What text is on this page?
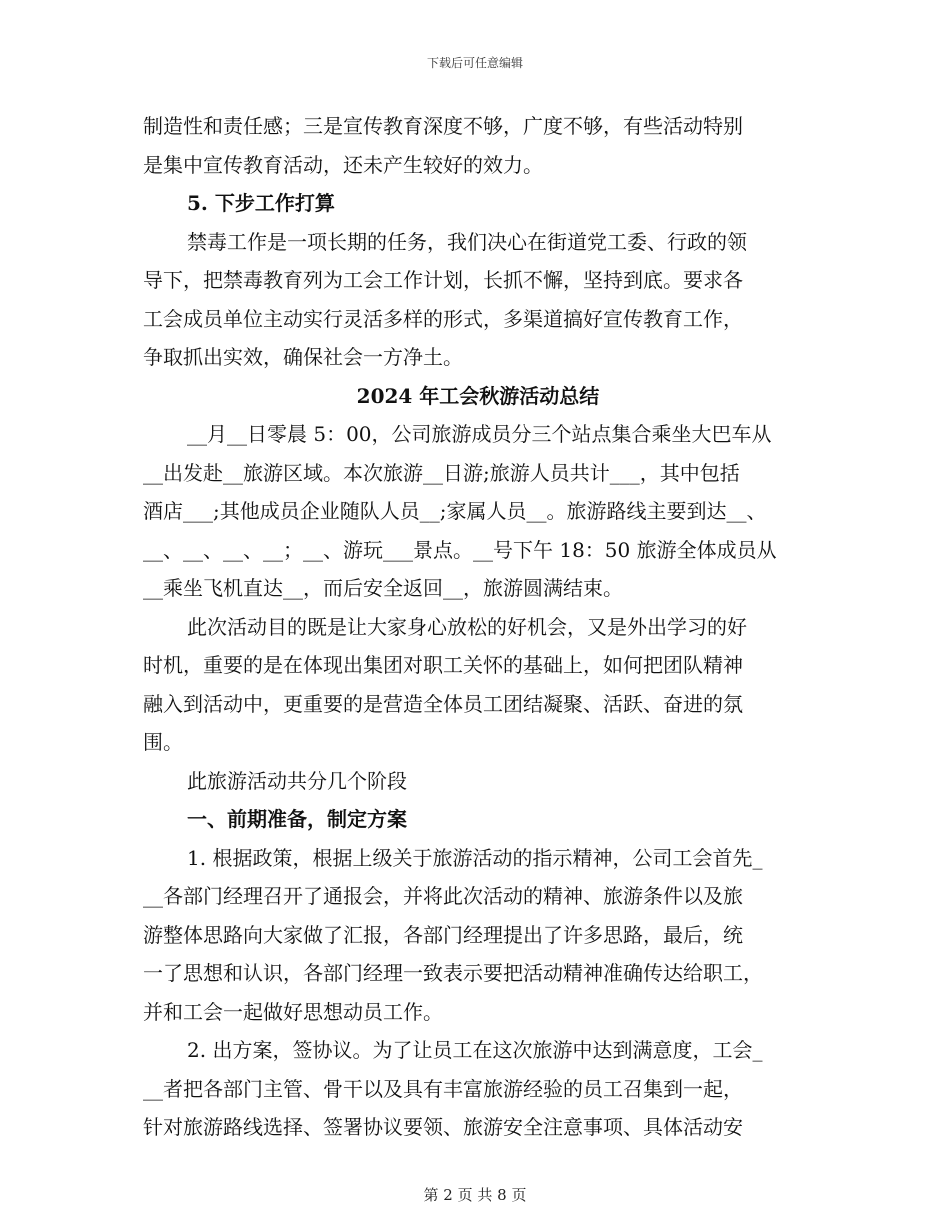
下载后可任意编辑
制造性和责任感；三是宣传教育深度不够，广度不够，有些活动特别
是集中宣传教育活动，还未产生较好的效力。
5. 下步工作打算
禁毒工作是一项长期的任务，我们决心在街道党工委、行政的领
导下，把禁毒教育列为工会工作计划，长抓不懈，坚持到底。要求各
工会成员单位主动实行灵活多样的形式，多渠道搞好宣传教育工作，
争取抓出实效，确保社会一方净土。
2024 年工会秋游活动总结
__月__日零晨 5：00，公司旅游成员分三个站点集合乘坐大巴车从
__出发赴__旅游区域。本次旅游__日游;旅游人员共计___，其中包括
酒店___;其他成员企业随队人员__;家属人员__。旅游路线主要到达__、
__、__、__、__；__、游玩___景点。__号下午 18：50 旅游全体成员从
__乘坐飞机直达__，而后安全返回__，旅游圆满结束。
此次活动目的既是让大家身心放松的好机会，又是外出学习的好
时机，重要的是在体现出集团对职工关怀的基础上，如何把团队精神
融入到活动中，更重要的是营造全体员工团结凝聚、活跃、奋进的氛
围。
此旅游活动共分几个阶段
一、前期准备，制定方案
1. 根据政策，根据上级关于旅游活动的指示精神，公司工会首先_
__各部门经理召开了通报会，并将此次活动的精神、旅游条件以及旅
游整体思路向大家做了汇报，各部门经理提出了许多思路，最后，统
一了思想和认识，各部门经理一致表示要把活动精神准确传达给职工，
并和工会一起做好思想动员工作。
2. 出方案，签协议。为了让员工在这次旅游中达到满意度，工会_
__者把各部门主管、骨干以及具有丰富旅游经验的员工召集到一起，
针对旅游路线选择、签署协议要领、旅游安全注意事项、具体活动安
第 2 页 共 8 页
